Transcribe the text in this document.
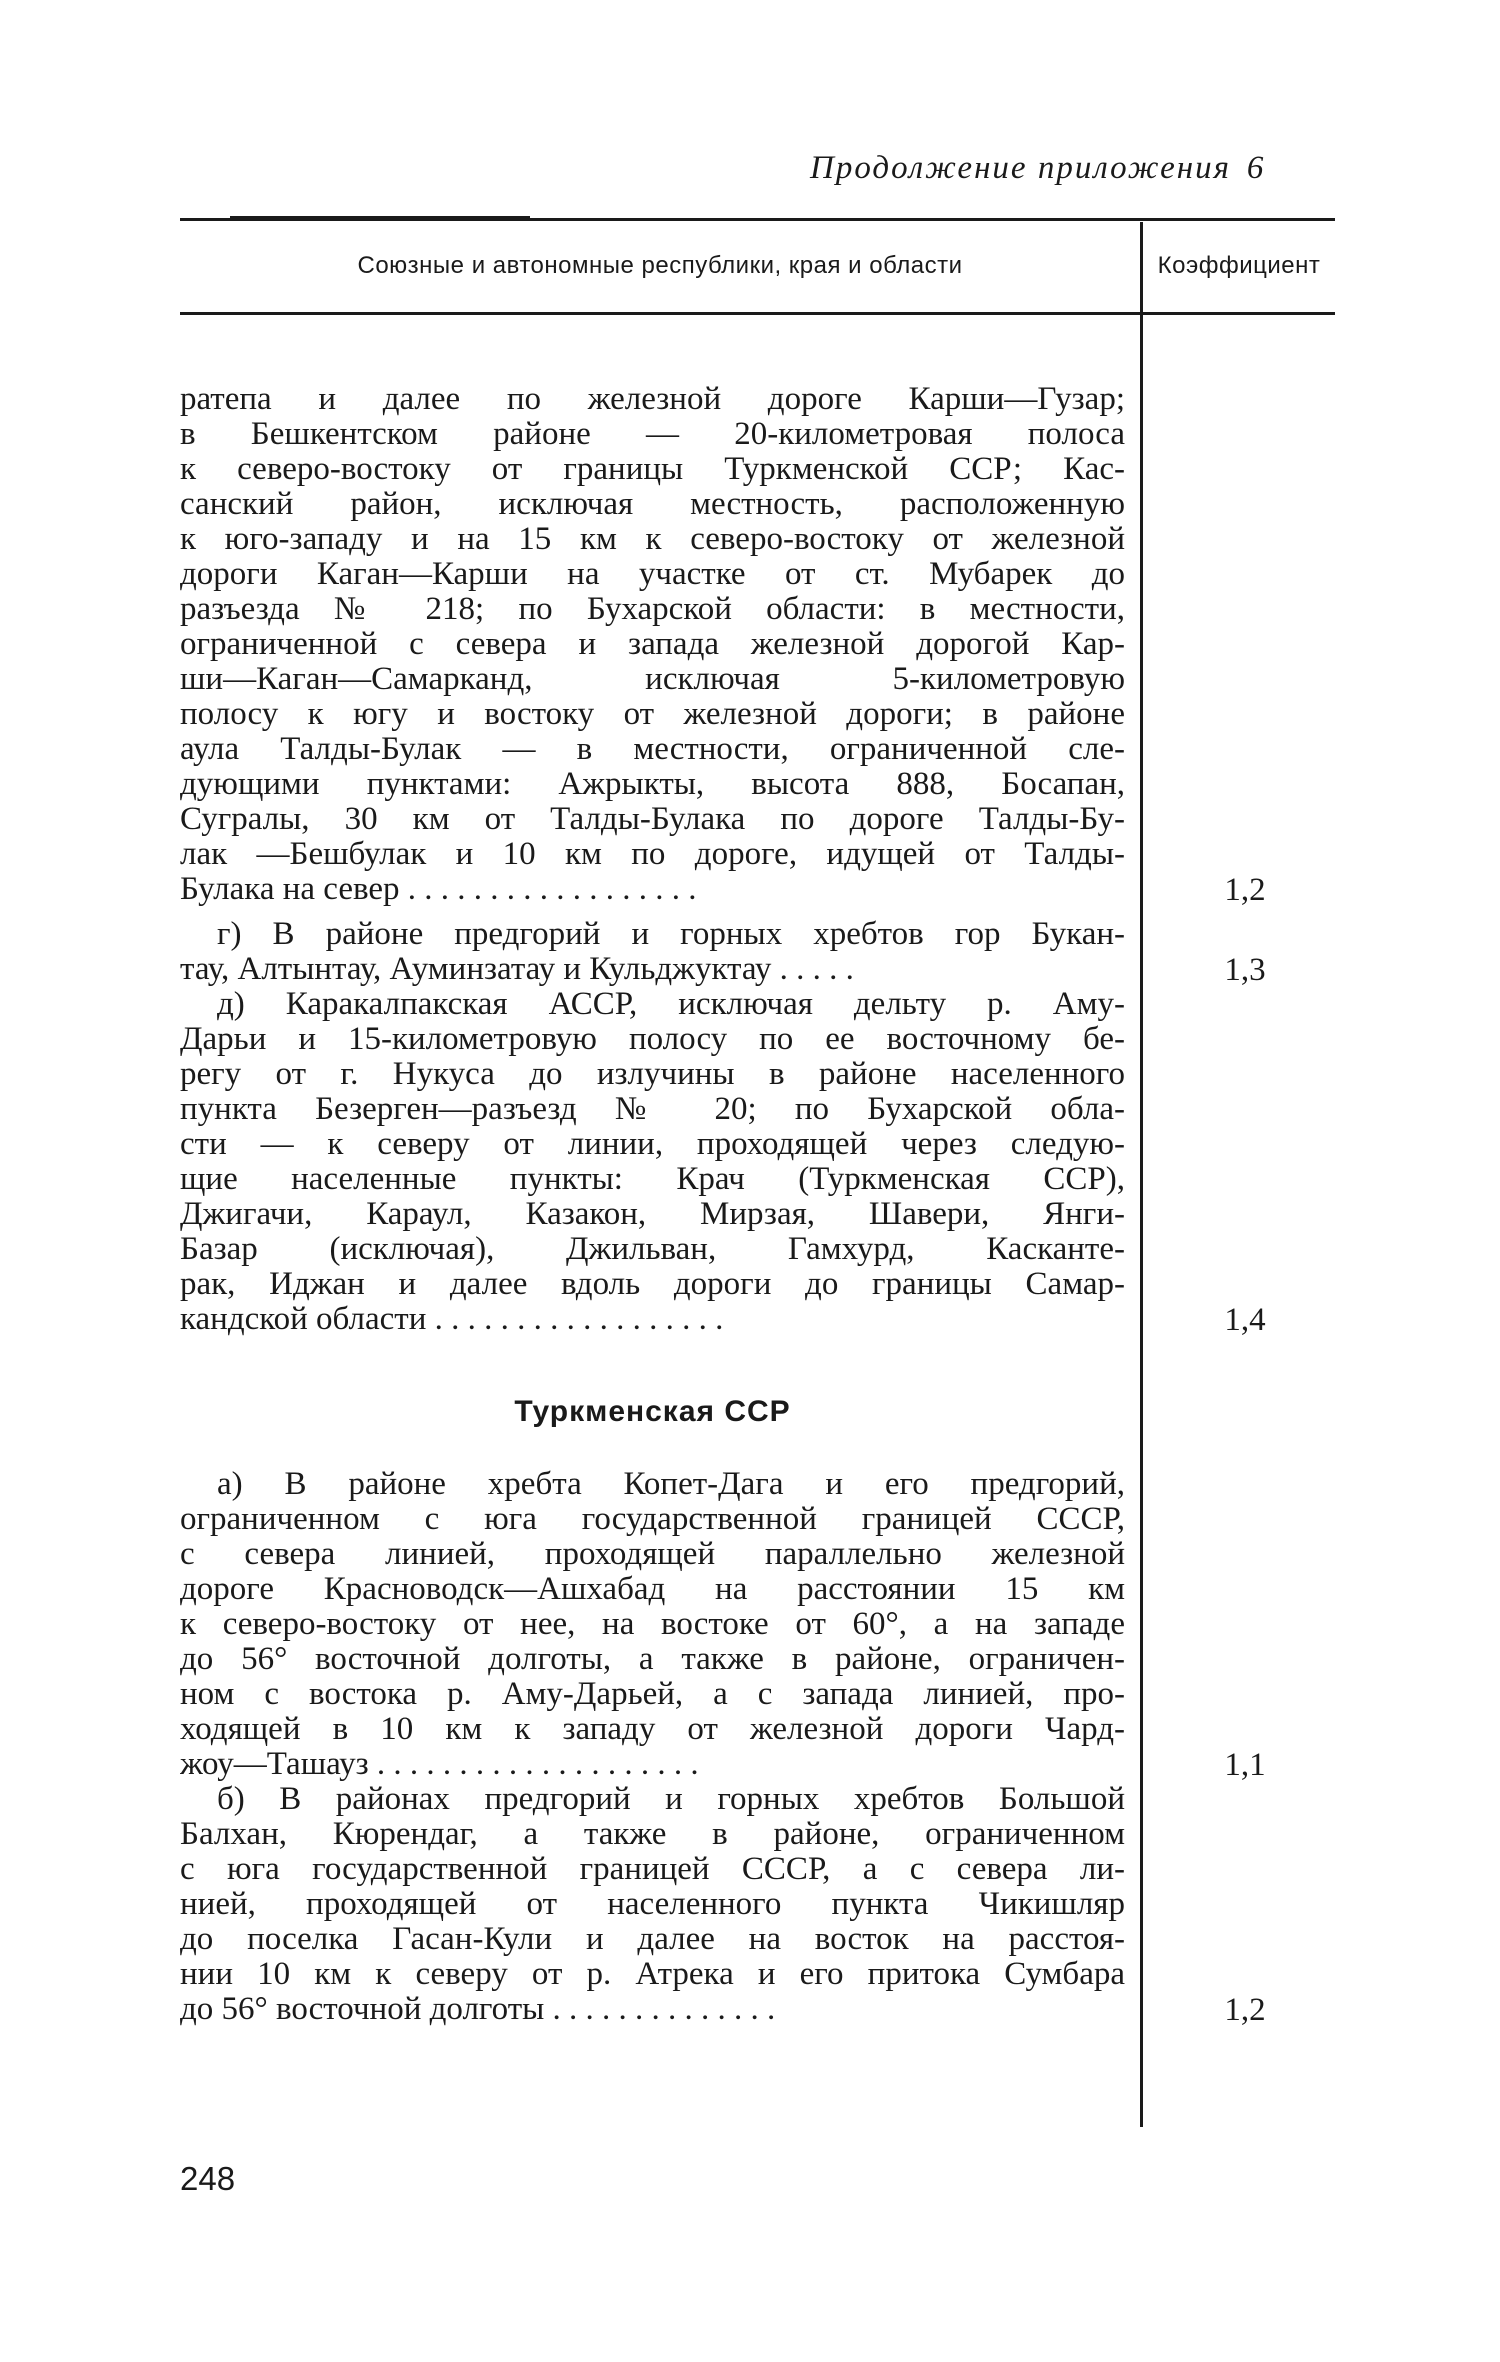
Продолжение приложения 6
Союзные и автономные республики, края и области	Коэффициент
ратепа и далее по железной дороге Карши—Гузар;
в Бешкентском районе — 20-километровая полоса
к северо-востоку от границы Туркменской ССР; Кас-
санский район, исключая местность, расположенную
к юго-западу и на 15 км к северо-востоку от железной
дороги Каган—Карши на участке от ст. Мубарек до
разъезда № 218; по Бухарской области: в местности,
ограниченной с севера и запада железной дорогой Кар-
ши—Каган—Самарканд, исключая 5-километровую
полосу к югу и востоку от железной дороги; в районе
аула Талды-Булак — в местности, ограниченной сле-
дующими пунктами: Ажрыкты, высота 888, Босапан,
Сугралы, 30 км от Талды-Булака по дороге Талды-Бу-
лак —Бешбулак и 10 км по дороге, идущей от Талды-
Булака на север . . . . . . . . . . . . . . . . . .	1,2
г) В районе предгорий и горных хребтов гор Букан-
тау, Алтынтау, Ауминзатау и Кульджуктау . . . . .	1,3
д) Каракалпакская АССР, исключая дельту р. Аму-
Дарьи и 15-километровую полосу по ее восточному бе-
регу от г. Нукуса до излучины в районе населенного
пункта Безерген—разъезд № 20; по Бухарской обла-
сти — к северу от линии, проходящей через следую-
щие населенные пункты: Крач (Туркменская ССР),
Джигачи, Караул, Казакон, Мирзая, Шавери, Янги-
Базар (исключая), Джильван, Гамхурд, Касканте-
рак, Иджан и далее вдоль дороги до границы Самар-
кандской области . . . . . . . . . . . . . . . . . .	1,4
Туркменская ССР
а) В районе хребта Копет-Дага и его предгорий,
ограниченном с юга государственной границей СССР,
с севера линией, проходящей параллельно железной
дороге Красноводск—Ашхабад на расстоянии 15 км
к северо-востоку от нее, на востоке от 60°, а на западе
до 56° восточной долготы, а также в районе, ограничен-
ном с востока р. Аму-Дарьей, а с запада линией, про-
ходящей в 10 км к западу от железной дороги Чард-
жоу—Ташауз . . . . . . . . . . . . . . . . . . . .	1,1
б) В районах предгорий и горных хребтов Большой
Балхан, Кюрендаг, а также в районе, ограниченном
с юга государственной границей СССР, а с севера ли-
нией, проходящей от населенного пункта Чикишляр
до поселка Гасан-Кули и далее на восток на расстоя-
нии 10 км к северу от р. Атрека и его притока Сумбара
до 56° восточной долготы . . . . . . . . . . . . . .	1,2
248
